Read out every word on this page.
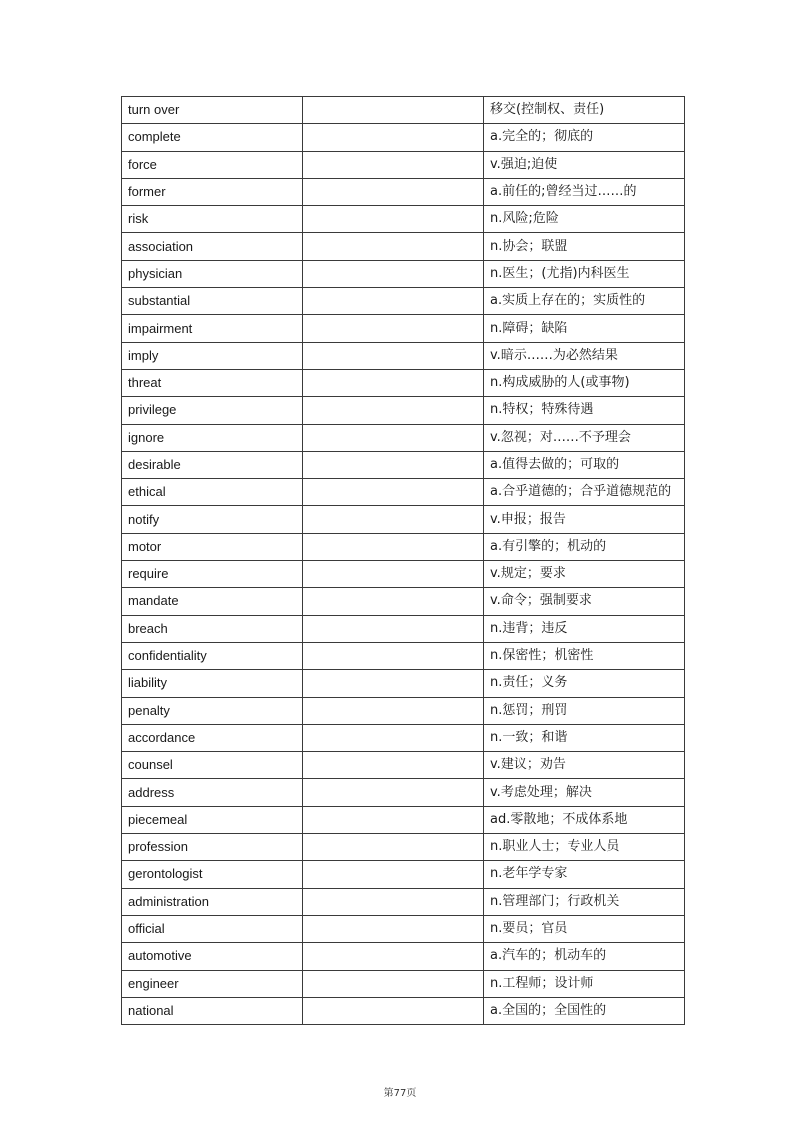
turn over		移交(控制权、责任)
complete		a.完全的；彻底的
force		v.强迫;迫使
former		a.前任的;曾经当过……的
risk		n.风险;危险
association		n.协会；联盟
physician		n.医生；(尤指)内科医生
substantial		a.实质上存在的；实质性的
impairment		n.障碍；缺陷
imply		v.暗示……为必然结果
threat		n.构成威胁的人(或事物)
privilege		n.特权；特殊待遇
ignore		v.忽视；对……不予理会
desirable		a.值得去做的；可取的
ethical		a.合乎道德的；合乎道德规范的
notify		v.申报；报告
motor		a.有引擎的；机动的
require		v.规定；要求
mandate		v.命令；强制要求
breach		n.违背；违反
confidentiality		n.保密性；机密性
liability		n.责任；义务
penalty		n.惩罚；刑罚
accordance		n.一致；和谐
counsel		v.建议；劝告
address		v.考虑处理；解决
piecemeal		ad.零散地；不成体系地
profession		n.职业人士；专业人员
gerontologist		n.老年学专家
administration		n.管理部门；行政机关
official		n.要员；官员
automotive		a.汽车的；机动车的
engineer		n.工程师；设计师
national		a.全国的；全国性的
第77页
